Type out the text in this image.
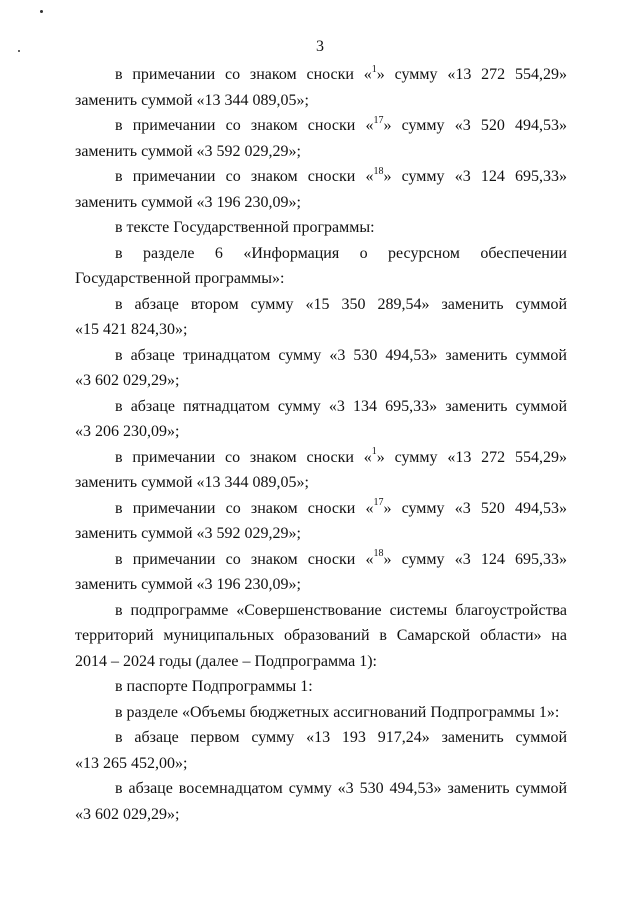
3

в примечании со знаком сноски «$^1$» сумму «13 272 554,29» заменить суммой «13 344 089,05»;

в примечании со знаком сноски «$^{17}$» сумму «3 520 494,53» заменить суммой «3 592 029,29»;

в примечании со знаком сноски «$^{18}$» сумму «3 124 695,33» заменить суммой «3 196 230,09»;

в тексте Государственной программы:

в разделе 6 «Информация о ресурсном обеспечении Государственной программы»:

в абзаце втором сумму «15 350 289,54» заменить суммой

«15 421 824,30»;

в абзаце тринадцатом сумму «3 530 494,53» заменить суммой

«3 602 029,29»;

в абзаце пятнадцатом сумму «3 134 695,33» заменить суммой

«3 206 230,09»;

в примечании со знаком сноски «$^1$» сумму «13 272 554,29» заменить суммой «13 344 089,05»;

в примечании со знаком сноски «$^{17}$» сумму «3 520 494,53» заменить суммой «3 592 029,29»;

в примечании со знаком сноски «$^{18}$» сумму «3 124 695,33» заменить суммой «3 196 230,09»;

в подпрограмме «Совершенствование системы благоустройства территорий муниципальных образований в Самарской области» на 2014 – 2024 годы (далее – Подпрограмма 1):

в паспорте Подпрограммы 1:

в разделе «Объемы бюджетных ассигнований Подпрограммы 1»:

в абзаце первом сумму «13 193 917,24» заменить суммой

«13 265 452,00»;

в абзаце восемнадцатом сумму «3 530 494,53» заменить суммой

«3 602 029,29»;
